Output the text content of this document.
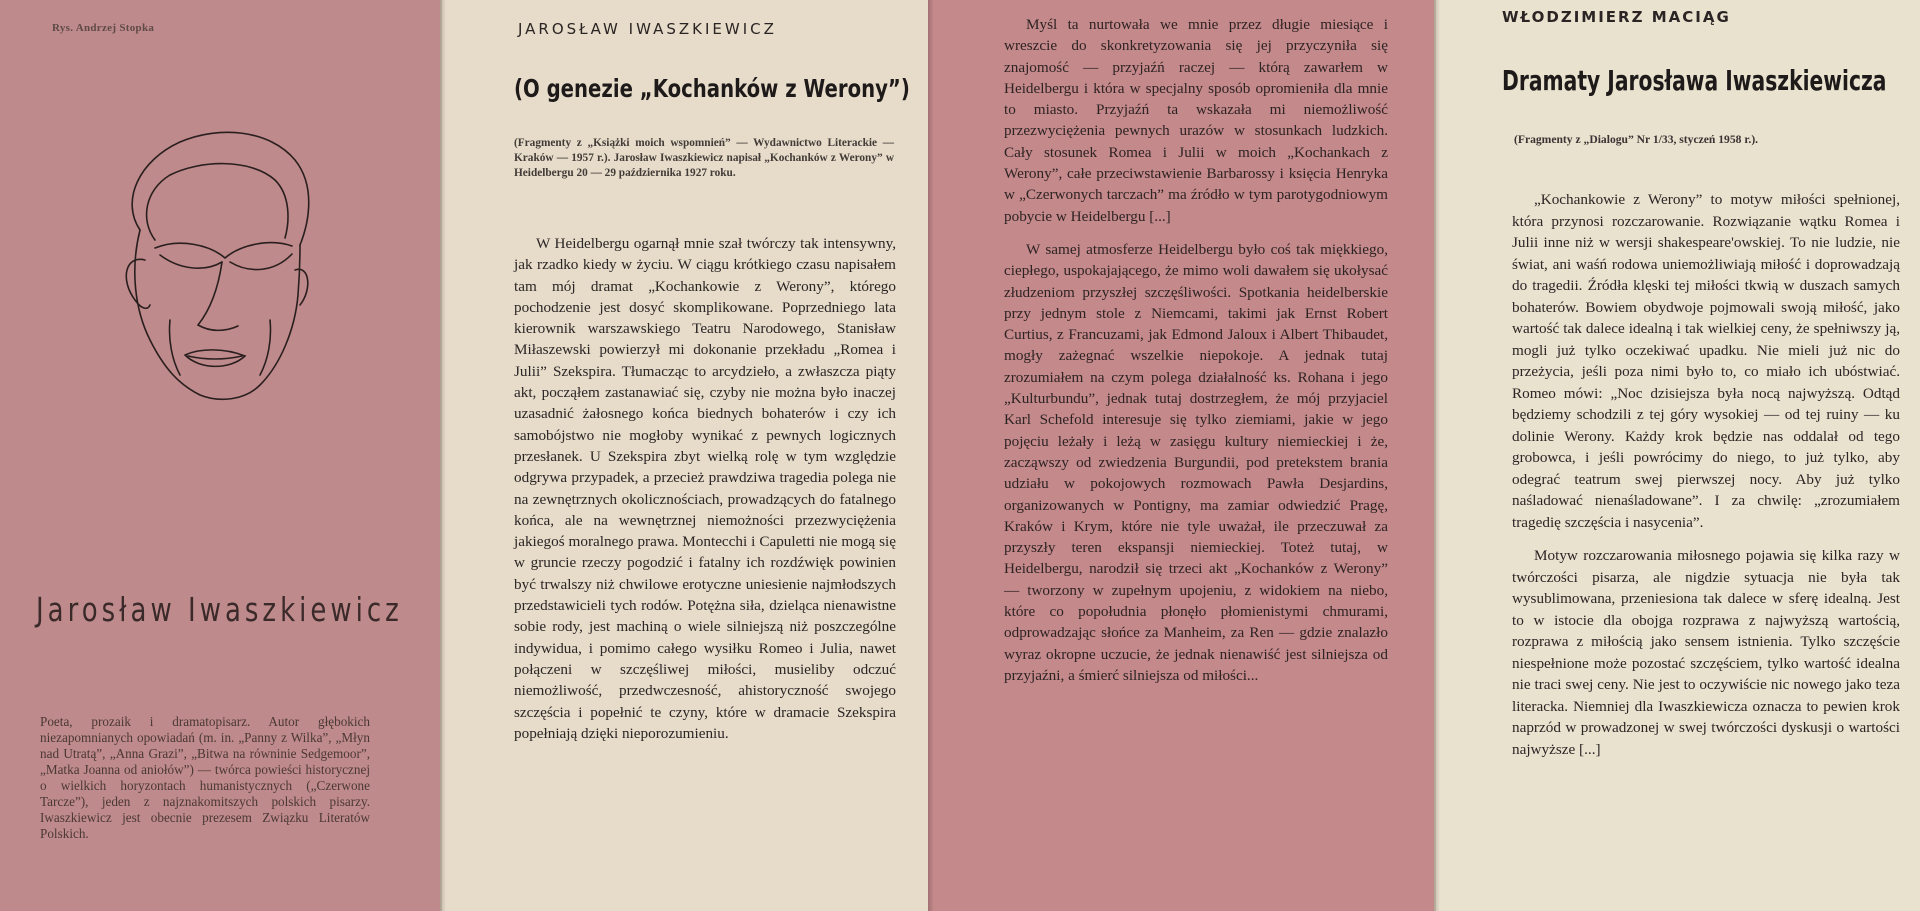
Rys. Andrzej Stopka
Jarosław Iwaszkiewicz
Poeta, prozaik i dramatopisarz. Autor głębokich niezapomnianych opowiadań (m. in. „Panny z Wilka”, „Młyn nad Utratą”, „Anna Grazi”, „Bitwa na równinie Sedgemoor”, „Matka Joanna od aniołów”) — twórca powieści historycznej o wielkich horyzontach humanistycznych („Czerwone Tarcze”), jeden z najznakomitszych polskich pisarzy. Iwaszkiewicz jest obecnie prezesem Związku Literatów Polskich.
JAROSŁAW IWASZKIEWICZ
(O genezie „Kochanków z Werony”)
(Fragmenty z „Książki moich wspomnień” — Wydawnictwo Literackie — Kraków — 1957 r.). Jarosław Iwaszkiewicz napisał „Kochanków z Werony” w Heidelbergu 20 — 29 października 1927 roku.

W Heidelbergu ogarnął mnie szał twórczy tak intensywny, jak rzadko kiedy w życiu. W ciągu krótkiego czasu napisałem tam mój dramat „Kochankowie z Werony”, którego pochodzenie jest dosyć skomplikowane. Poprzedniego lata kierownik warszawskiego Teatru Narodowego, Stanisław Miłaszewski powierzył mi dokonanie przekładu „Romea i Julii” Szekspira. Tłumacząc to arcydzieło, a zwłaszcza piąty akt, począłem zastanawiać się, czyby nie można było inaczej uzasadnić żałosnego końca biednych bohaterów i czy ich samobójstwo nie mogłoby wynikać z pewnych logicznych przesłanek. U Szekspira zbyt wielką rolę w tym względzie odgrywa przypadek, a przecież prawdziwa tragedia polega nie na zewnętrznych okolicznościach, prowadzących do fatalnego końca, ale na wewnętrznej niemożności przezwyciężenia jakiegoś moralnego prawa. Montecchi i Capuletti nie mogą się w gruncie rzeczy pogodzić i fatalny ich rozdźwięk powinien być trwalszy niż chwilowe erotyczne uniesienie najmłodszych przedstawicieli tych rodów. Potężna siła, dzieląca nienawistne sobie rody, jest machiną o wiele silniejszą niż poszczególne indywidua, i pomimo całego wysiłku Romeo i Julia, nawet połączeni w szczęśliwej miłości, musieliby odczuć niemożliwość, przedwczesność, ahistoryczność swojego szczęścia i popełnić te czyny, które w dramacie Szekspira popełniają dzięki nieporozumieniu.

Myśl ta nurtowała we mnie przez długie miesiące i wreszcie do skonkretyzowania się jej przyczyniła się znajomość — przyjaźń raczej — którą zawarłem w Heidelbergu i która w specjalny sposób opromieniła dla mnie to miasto. Przyjaźń ta wskazała mi niemożliwość przezwyciężenia pewnych urazów w stosunkach ludzkich. Cały stosunek Romea i Julii w moich „Kochankach z Werony”, całe przeciwstawienie Barbarossy i księcia Henryka w „Czerwonych tarczach” ma źródło w tym parotygodniowym pobycie w Heidelbergu [...]

W samej atmosferze Heidelbergu było coś tak miękkiego, ciepłego, uspokajającego, że mimo woli dawałem się ukołysać złudzeniom przyszłej szczęśliwości. Spotkania heidelberskie przy jednym stole z Niemcami, takimi jak Ernst Robert Curtius, z Francuzami, jak Edmond Jaloux i Albert Thibaudet, mogły zażegnać wszelkie niepokoje. A jednak tutaj zrozumiałem na czym polega działalność ks. Rohana i jego „Kulturbundu”, jednak tutaj dostrzegłem, że mój przyjaciel Karl Schefold interesuje się tylko ziemiami, jakie w jego pojęciu leżały i leżą w zasięgu kultury niemieckiej i że, zacząwszy od zwiedzenia Burgundii, pod pretekstem brania udziału w pokojowych rozmowach Pawła Desjardins, organizowanych w Pontigny, ma zamiar odwiedzić Pragę, Kraków i Krym, które nie tyle uważał, ile przeczuwał za przyszły teren ekspansji niemieckiej. Toteż tutaj, w Heidelbergu, narodził się trzeci akt „Kochanków z Werony” — tworzony w zupełnym upojeniu, z widokiem na niebo, które co popołudnia płonęło płomienistymi chmurami, odprowadzając słońce za Manheim, za Ren — gdzie znalazło wyraz okropne uczucie, że jednak nienawiść jest silniejsza od przyjaźni, a śmierć silniejsza od miłości...

WŁODZIMIERZ MACIĄG
Dramaty Jarosława Iwaszkiewicza
(Fragmenty z „Dialogu” Nr 1/33, styczeń 1958 r.).

„Kochankowie z Werony” to motyw miłości spełnionej, która przynosi rozczarowanie. Rozwiązanie wątku Romea i Julii inne niż w wersji shakespeare'owskiej. To nie ludzie, nie świat, ani waśń rodowa uniemożliwiają miłość i doprowadzają do tragedii. Źródła klęski tej miłości tkwią w duszach samych bohaterów. Bowiem obydwoje pojmowali swoją miłość, jako wartość tak dalece idealną i tak wielkiej ceny, że spełniwszy ją, mogli już tylko oczekiwać upadku. Nie mieli już nic do przeżycia, jeśli poza nimi było to, co miało ich ubóstwiać. Romeo mówi: „Noc dzisiejsza była nocą najwyższą. Odtąd będziemy schodzili z tej góry wysokiej — od tej ruiny — ku dolinie Werony. Każdy krok będzie nas oddalał od tego grobowca, i jeśli powrócimy do niego, to już tylko, aby odegrać teatrum swej pierwszej nocy. Aby już tylko naśladować nienaśladowane”. I za chwilę: „zrozumiałem tragedię szczęścia i nasycenia”.

Motyw rozczarowania miłosnego pojawia się kilka razy w twórczości pisarza, ale nigdzie sytuacja nie była tak wysublimowana, przeniesiona tak dalece w sferę idealną. Jest to w istocie dla obojga rozprawa z najwyższą wartością, rozprawa z miłością jako sensem istnienia. Tylko szczęście niespełnione może pozostać szczęściem, tylko wartość idealna nie traci swej ceny. Nie jest to oczywiście nic nowego jako teza literacka. Niemniej dla Iwaszkiewicza oznacza to pewien krok naprzód w prowadzonej w swej twórczości dyskusji o wartości najwyższe [...]
